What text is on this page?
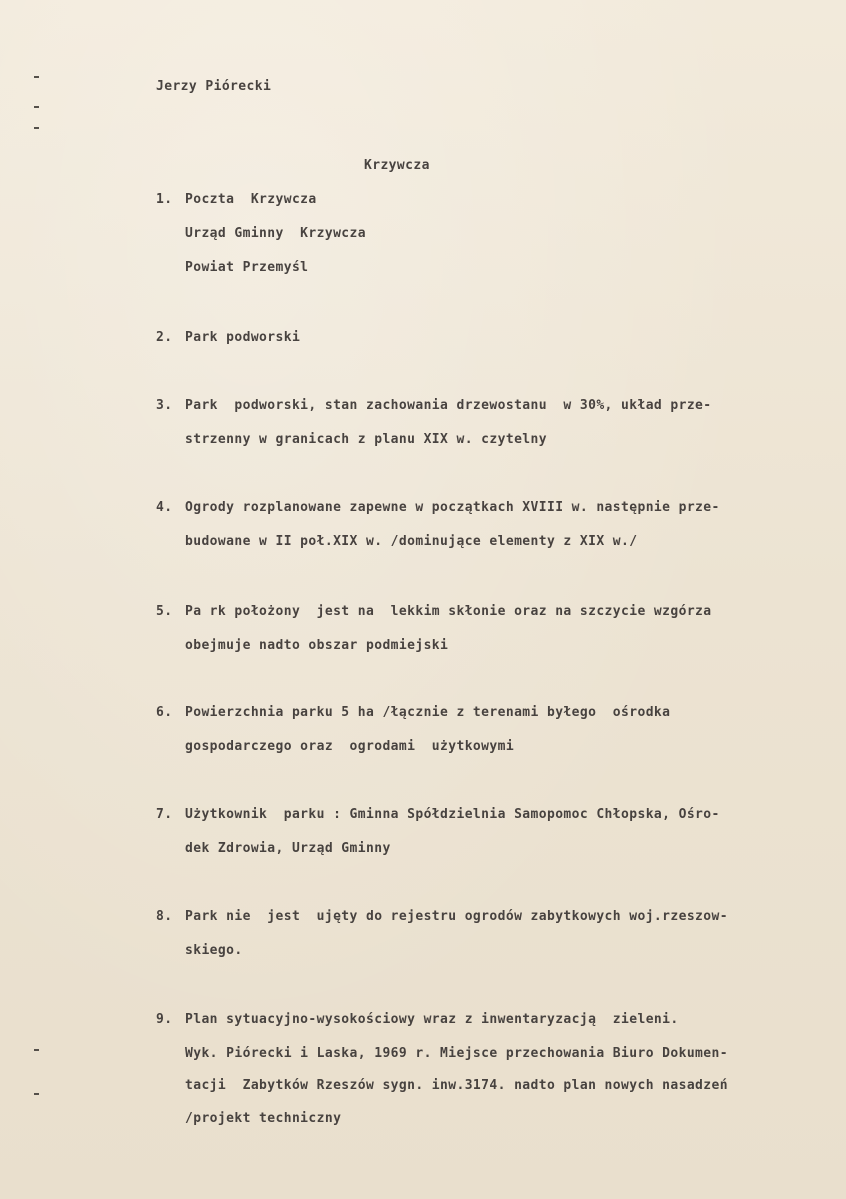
Jerzy Piórecki
Krzywcza
1. Poczta  Krzywcza
Urząd Gminny  Krzywcza
Powiat Przemyśl
2. Park podworski
3. Park  podworski, stan zachowania drzewostanu  w 30%, układ prze-
strzenny w granicach z planu XIX w. czytelny
4. Ogrody rozplanowane zapewne w początkach XVIII w. następnie prze-
budowane w II poł.XIX w. /dominujące elementy z XIX w./
5. Pa rk położony  jest na  lekkim skłonie oraz na szczycie wzgórza
obejmuje nadto obszar podmiejski
6. Powierzchnia parku 5 ha /łącznie z terenami byłego  ośrodka
gospodarczego oraz  ogrodami  użytkowymi
7. Użytkownik  parku : Gminna Spółdzielnia Samopomoc Chłopska, Ośro-
dek Zdrowia, Urząd Gminny
8. Park nie  jest  ujęty do rejestru ogrodów zabytkowych woj.rzeszow-
skiego.
9. Plan sytuacyjno-wysokościowy wraz z inwentaryzacją  zieleni.
Wyk. Piórecki i Laska, 1969 r. Miejsce przechowania Biuro Dokumen-
tacji  Zabytków Rzeszów sygn. inw.3174. nadto plan nowych nasadzeń
/projekt techniczny
